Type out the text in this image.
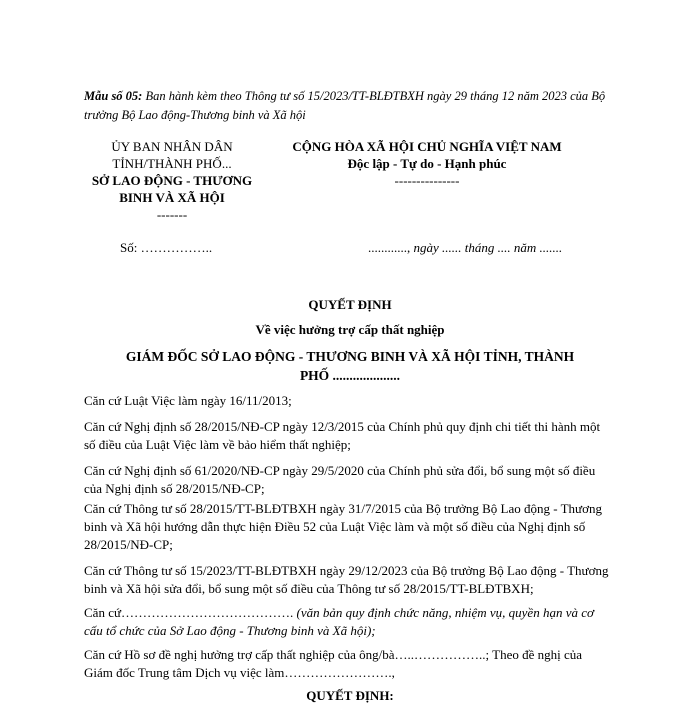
Mẫu số 05: Ban hành kèm theo Thông tư số 15/2023/TT-BLĐTBXH ngày 29 tháng 12 năm 2023 của Bộ trưởng Bộ Lao động-Thương binh và Xã hội
ỦY BAN NHÂN DÂN
TỈNH/THÀNH PHỐ...
SỞ LAO ĐỘNG - THƯƠNG BINH VÀ XÃ HỘI
-------
CỘNG HÒA XÃ HỘI CHỦ NGHĨA VIỆT NAM
Độc lập - Tự do - Hạnh phúc
---------------
Số: ……………..	............, ngày ...... tháng .... năm .......
QUYẾT ĐỊNH
Về việc hưởng trợ cấp thất nghiệp
GIÁM ĐỐC SỞ LAO ĐỘNG - THƯƠNG BINH VÀ XÃ HỘI TỈNH, THÀNH PHỐ ....................
Căn cứ Luật Việc làm ngày 16/11/2013;
Căn cứ Nghị định số 28/2015/NĐ-CP ngày 12/3/2015 của Chính phủ quy định chi tiết thi hành một số điều của Luật Việc làm về bảo hiểm thất nghiệp;
Căn cứ Nghị định số 61/2020/NĐ-CP ngày 29/5/2020 của Chính phủ sửa đổi, bổ sung một số điều của Nghị định số 28/2015/NĐ-CP;
Căn cứ Thông tư số 28/2015/TT-BLĐTBXH ngày 31/7/2015 của Bộ trưởng Bộ Lao động - Thương binh và Xã hội hướng dẫn thực hiện Điều 52 của Luật Việc làm và một số điều của Nghị định số 28/2015/NĐ-CP;
Căn cứ Thông tư số 15/2023/TT-BLĐTBXH ngày 29/12/2023 của Bộ trưởng Bộ Lao động - Thương binh và Xã hội sửa đổi, bổ sung một số điều của Thông tư số 28/2015/TT-BLĐTBXH;
Căn cứ…………………………………. (văn bản quy định chức năng, nhiệm vụ, quyền hạn và cơ cấu tổ chức của Sở Lao động - Thương binh và Xã hội);
Căn cứ Hồ sơ đề nghị hưởng trợ cấp thất nghiệp của ông/bà…..……………..; Theo đề nghị của Giám đốc Trung tâm Dịch vụ việc làm…………………….,
QUYẾT ĐỊNH:
